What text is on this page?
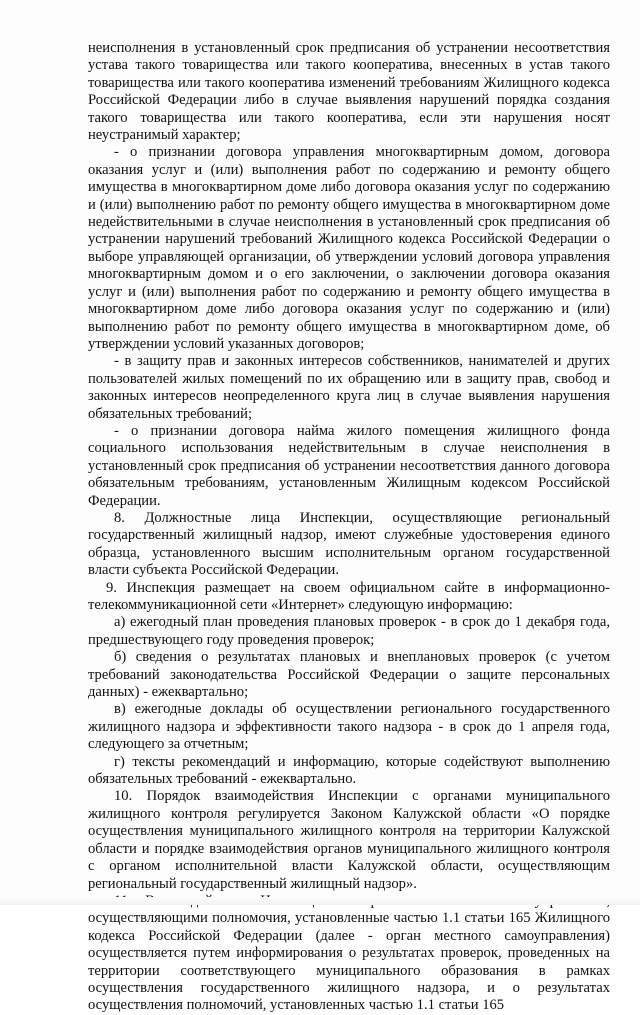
неисполнения в установленный срок предписания об устранении несоответствия устава такого товарищества или такого кооператива, внесенных в устав такого товарищества или такого кооператива изменений требованиям Жилищного кодекса Российской Федерации либо в случае выявления нарушений порядка создания такого товарищества или такого кооператива, если эти нарушения носят неустранимый характер;

- о признании договора управления многоквартирным домом, договора оказания услуг и (или) выполнения работ по содержанию и ремонту общего имущества в многоквартирном доме либо договора оказания услуг по содержанию и (или) выполнению работ по ремонту общего имущества в многоквартирном доме недействительными в случае неисполнения в установленный срок предписания об устранении нарушений требований Жилищного кодекса Российской Федерации о выборе управляющей организации, об утверждении условий договора управления многоквартирным домом и о его заключении, о заключении договора оказания услуг и (или) выполнения работ по содержанию и ремонту общего имущества в многоквартирном доме либо договора оказания услуг по содержанию и (или) выполнению работ по ремонту общего имущества в многоквартирном доме, об утверждении условий указанных договоров;

- в защиту прав и законных интересов собственников, нанимателей и других пользователей жилых помещений по их обращению или в защиту прав, свобод и законных интересов неопределенного круга лиц в случае выявления нарушения обязательных требований;

- о признании договора найма жилого помещения жилищного фонда социального использования недействительным в случае неисполнения в установленный срок предписания об устранении несоответствия данного договора обязательным требованиям, установленным Жилищным кодексом Российской Федерации.

8. Должностные лица Инспекции, осуществляющие региональный государственный жилищный надзор, имеют служебные удостоверения единого образца, установленного высшим исполнительным органом государственной власти субъекта Российской Федерации.

9. Инспекция размещает на своем официальном сайте в информационно-телекоммуникационной сети «Интернет» следующую информацию:

а) ежегодный план проведения плановых проверок - в срок до 1 декабря года, предшествующего году проведения проверок;

б) сведения о результатах плановых и внеплановых проверок (с учетом требований законодательства Российской Федерации о защите персональных данных) - ежеквартально;

в) ежегодные доклады об осуществлении регионального государственного жилищного надзора и эффективности такого надзора - в срок до 1 апреля года, следующего за отчетным;

г) тексты рекомендаций и информацию, которые содействуют выполнению обязательных требований - ежеквартально.

10. Порядок взаимодействия Инспекции с органами муниципального жилищного контроля регулируется Законом Калужской области «О порядке осуществления муниципального жилищного контроля на территории Калужской области и порядке взаимодействия органов муниципального жилищного контроля с органом исполнительной власти Калужской области, осуществляющим региональный государственный жилищный надзор».

осуществляющими полномочия, установленные частью 1.1 статьи 165 Жилищного кодекса Российской Федерации (далее - орган местного самоуправления) осуществляется путем информирования о результатах проверок, проведенных на территории соответствующего муниципального образования в рамках осуществления государственного жилищного надзора, и о результатах осуществления полномочий, установленных частью 1.1 статьи 165
